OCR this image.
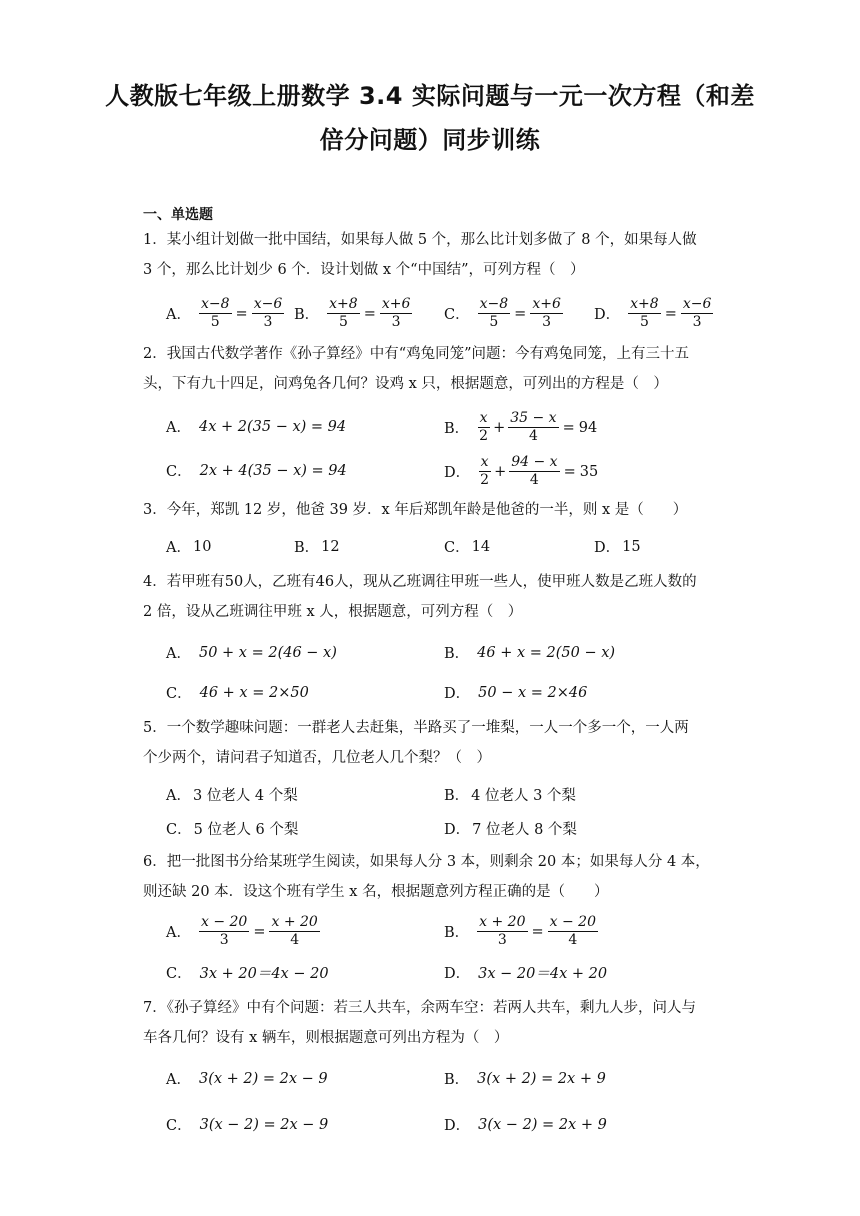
人教版七年级上册数学 3.4 实际问题与一元一次方程（和差
倍分问题）同步训练
一、单选题
1．某小组计划做一批中国结，如果每人做 5 个，那么比计划多做了 8 个，如果每人做
3 个，那么比计划少 6 个．设计划做 x 个“中国结”，可列方程（　）
A． $\frac{x-8}{5} = \frac{x-6}{3}$ B． $\frac{x+8}{5} = \frac{x+6}{3}$ C． $\frac{x-8}{5} = \frac{x+6}{3}$ D． $\frac{x+8}{5} = \frac{x-6}{3}$
2．我国古代数学著作《孙子算经》中有“鸡兔同笼”问题：今有鸡兔同笼，上有三十五
头，下有九十四足，问鸡兔各几何？设鸡 x 只，根据题意，可列出的方程是（　）
A． 4x + 2(35 − x) = 94	B． $\frac{x}{2} + \frac{35 - x}{4} = 94$
C． 2x + 4(35 − x) = 94	D． $\frac{x}{2} + \frac{94 - x}{4} = 35$
3．今年，郑凯 12 岁，他爸 39 岁．x 年后郑凯年龄是他爸的一半，则 x 是（　　）
A． 10	B． 12	C． 14	D． 15
4．若甲班有50人，乙班有46人，现从乙班调往甲班一些人，使甲班人数是乙班人数的
2 倍，设从乙班调往甲班 x 人，根据题意，可列方程（　）
A． 50 + x = 2(46 − x)	B． 46 + x = 2(50 − x)
C． 46 + x = 2×50	D． 50 − x = 2×46
5．一个数学趣味问题：一群老人去赶集，半路买了一堆梨，一人一个多一个，一人两
个少两个，请问君子知道否，几位老人几个梨？（　）
A． 3 位老人 4 个梨	B． 4 位老人 3 个梨
C． 5 位老人 6 个梨	D． 7 位老人 8 个梨
6．把一批图书分给某班学生阅读，如果每人分 3 本，则剩余 20 本；如果每人分 4 本，
则还缺 20 本．设这个班有学生 x 名，根据题意列方程正确的是（　　）
A． $\frac{x - 20}{3} = \frac{x + 20}{4}$	B． $\frac{x + 20}{3} = \frac{x - 20}{4}$
C． 3x + 20＝4x − 20	D． 3x − 20＝4x + 20
7．《孙子算经》中有个问题：若三人共车，余两车空：若两人共车，剩九人步，问人与
车各几何？设有 x 辆车，则根据题意可列出方程为（　）
A． 3(x + 2) = 2x − 9	B． 3(x + 2) = 2x + 9
C． 3(x − 2) = 2x − 9	D． 3(x − 2) = 2x + 9
